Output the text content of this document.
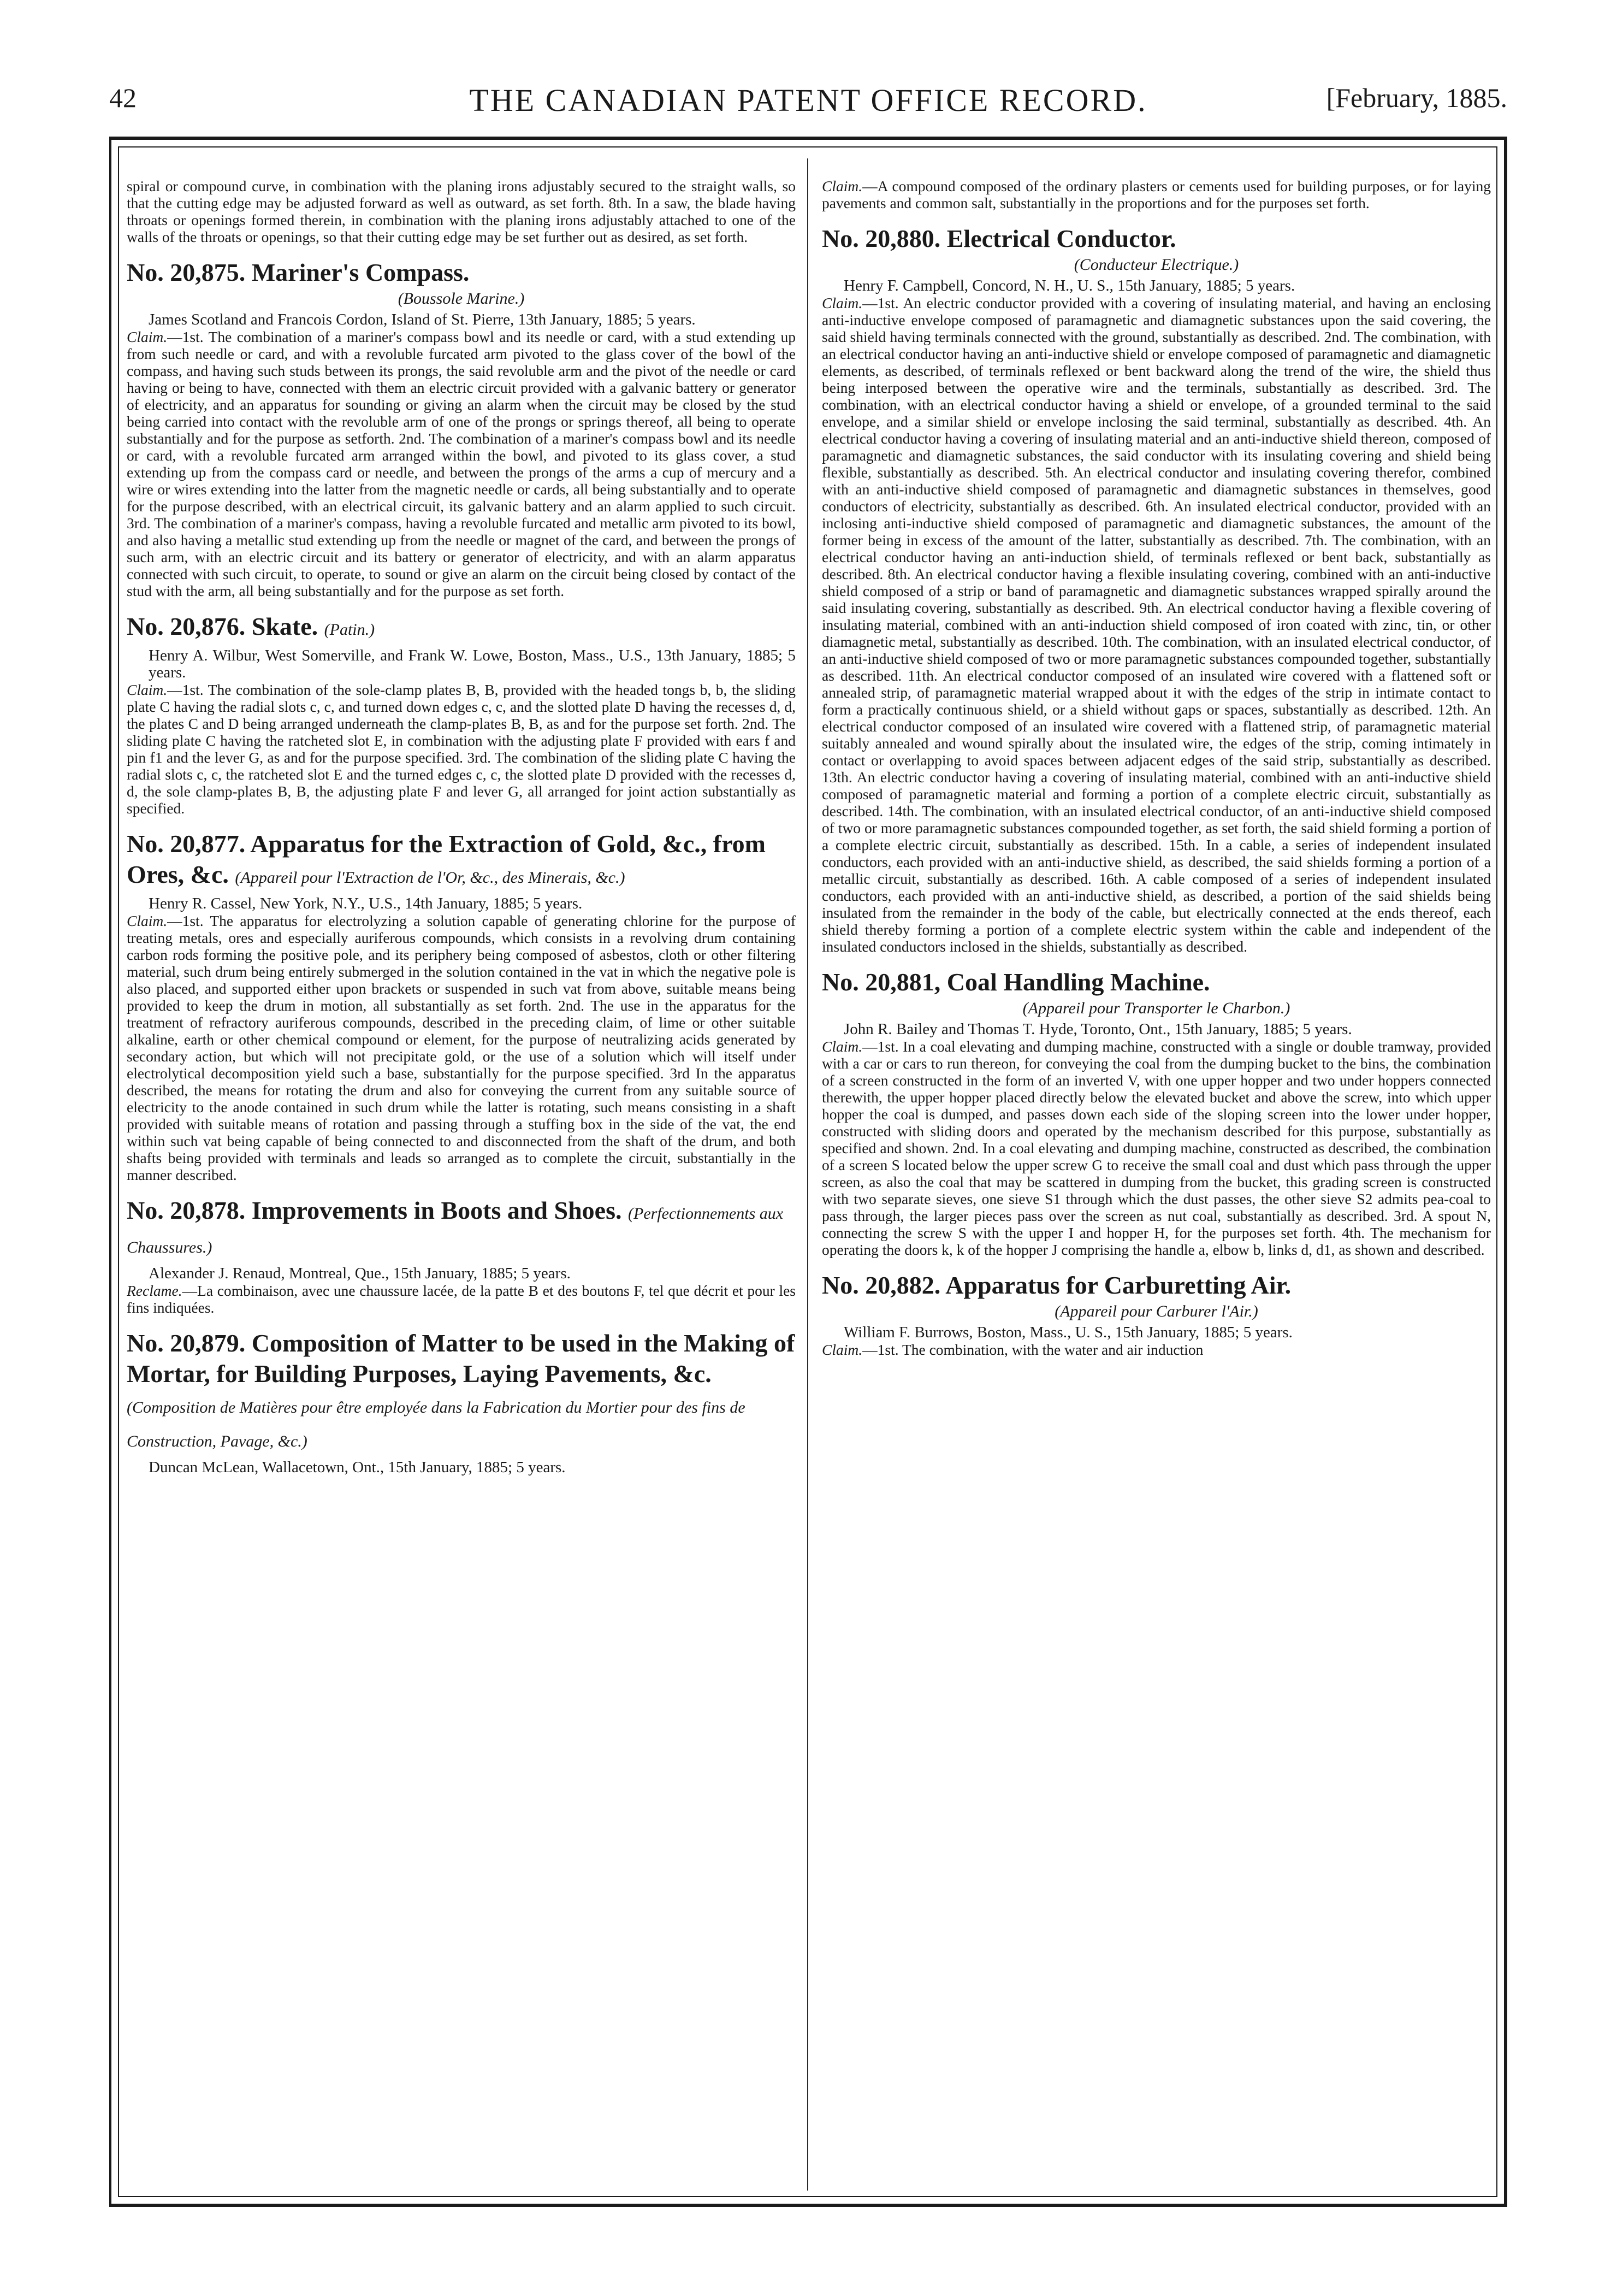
42	THE CANADIAN PATENT OFFICE RECORD.	[February, 1885.

spiral or compound curve, in combination with the planing irons adjustably secured to the straight walls, so that the cutting edge may be adjusted forward as well as outward, as set forth. 8th. In a saw, the blade having throats or openings formed therein, in combination with the planing irons adjustably attached to one of the walls of the throats or openings, so that their cutting edge may be set further out as desired, as set forth.

No. 20,875. Mariner's Compass.
(Boussole Marine.)

James Scotland and Francois Cordon, Island of St. Pierre, 13th January, 1885; 5 years.

Claim.—1st. The combination of a mariner's compass bowl and its needle or card, with a stud extending up from such needle or card, and with a revoluble furcated arm pivoted to the glass cover of the bowl of the compass, and having such studs between its prongs, the said revoluble arm and the pivot of the needle or card having or being to have, connected with them an electric circuit provided with a galvanic battery or generator of electricity, and an apparatus for sounding or giving an alarm when the circuit may be closed by the stud being carried into contact with the revoluble arm of one of the prongs or springs thereof, all being to operate substantially and for the purpose as setforth. 2nd. The combination of a mariner's compass bowl and its needle or card, with a revoluble furcated arm arranged within the bowl, and pivoted to its glass cover, a stud extending up from the compass card or needle, and between the prongs of the arms a cup of mercury and a wire or wires extending into the latter from the magnetic needle or cards, all being substantially and to operate for the purpose described, with an electrical circuit, its galvanic battery and an alarm applied to such circuit. 3rd. The combination of a mariner's compass, having a revoluble furcated and metallic arm pivoted to its bowl, and also having a metallic stud extending up from the needle or magnet of the card, and between the prongs of such arm, with an electric circuit and its battery or generator of electricity, and with an alarm apparatus connected with such circuit, to operate, to sound or give an alarm on the circuit being closed by contact of the stud with the arm, all being substantially and for the purpose as set forth.

No. 20,876. Skate. (Patin.)

Henry A. Wilbur, West Somerville, and Frank W. Lowe, Boston, Mass., U.S., 13th January, 1885; 5 years.

Claim.—1st. The combination of the sole-clamp plates B, B, provided with the headed tongs b, b, the sliding plate C having the radial slots c, c, and turned down edges c, c, and the slotted plate D having the recesses d, d, the plates C and D being arranged underneath the clamp-plates B, B, as and for the purpose set forth. 2nd. The sliding plate C having the ratcheted slot E, in combination with the adjusting plate F provided with ears f and pin f1 and the lever G, as and for the purpose specified. 3rd. The combination of the sliding plate C having the radial slots c, c, the ratcheted slot E and the turned edges c, c, the slotted plate D provided with the recesses d, d, the sole clamp-plates B, B, the adjusting plate F and lever G, all arranged for joint action substantially as specified.

No. 20,877. Apparatus for the Extraction of Gold, &c., from Ores, &c. (Appareil pour l'Extraction de l'Or, &c., des Minerais, &c.)

Henry R. Cassel, New York, N.Y., U.S., 14th January, 1885; 5 years.

Claim.—1st. The apparatus for electrolyzing a solution capable of generating chlorine for the purpose of treating metals, ores and especially auriferous compounds, which consists in a revolving drum containing carbon rods forming the positive pole, and its periphery being composed of asbestos, cloth or other filtering material, such drum being entirely submerged in the solution contained in the vat in which the negative pole is also placed, and supported either upon brackets or suspended in such vat from above, suitable means being provided to keep the drum in motion, all substantially as set forth. 2nd. The use in the apparatus for the treatment of refractory auriferous compounds, described in the preceding claim, of lime or other suitable alkaline, earth or other chemical compound or element, for the purpose of neutralizing acids generated by secondary action, but which will not precipitate gold, or the use of a solution which will itself under electrolytical decomposition yield such a base, substantially for the purpose specified. 3rd In the apparatus described, the means for rotating the drum and also for conveying the current from any suitable source of electricity to the anode contained in such drum while the latter is rotating, such means consisting in a shaft provided with suitable means of rotation and passing through a stuffing box in the side of the vat, the end within such vat being capable of being connected to and disconnected from the shaft of the drum, and both shafts being provided with terminals and leads so arranged as to complete the circuit, substantially in the manner described.

No. 20,878. Improvements in Boots and Shoes. (Perfectionnements aux Chaussures.)

Alexander J. Renaud, Montreal, Que., 15th January, 1885; 5 years.

Reclame.—La combinaison, avec une chaussure lacée, de la patte B et des boutons F, tel que décrit et pour les fins indiquées.

No. 20,879. Composition of Matter to be used in the Making of Mortar, for Building Purposes, Laying Pavements, &c. (Composition de Matières pour être employée dans la Fabrication du Mortier pour des fins de Construction, Pavage, &c.)

Duncan McLean, Wallacetown, Ont., 15th January, 1885; 5 years.

Claim.—A compound composed of the ordinary plasters or cements used for building purposes, or for laying pavements and common salt, substantially in the proportions and for the purposes set forth.

No. 20,880. Electrical Conductor.
(Conducteur Electrique.)

Henry F. Campbell, Concord, N. H., U. S., 15th January, 1885; 5 years.

Claim.—1st. An electric conductor provided with a covering of insulating material, and having an enclosing anti-inductive envelope composed of paramagnetic and diamagnetic substances upon the said covering, the said shield having terminals connected with the ground, substantially as described. 2nd. The combination, with an electrical conductor having an anti-inductive shield or envelope composed of paramagnetic and diamagnetic elements, as described, of terminals reflexed or bent backward along the trend of the wire, the shield thus being interposed between the operative wire and the terminals, substantially as described. 3rd. The combination, with an electrical conductor having a shield or envelope, of a grounded terminal to the said envelope, and a similar shield or envelope inclosing the said terminal, substantially as described. 4th. An electrical conductor having a covering of insulating material and an anti-inductive shield thereon, composed of paramagnetic and diamagnetic substances, the said conductor with its insulating covering and shield being flexible, substantially as described. 5th. An electrical conductor and insulating covering therefor, combined with an anti-inductive shield composed of paramagnetic and diamagnetic substances in themselves, good conductors of electricity, substantially as described. 6th. An insulated electrical conductor, provided with an inclosing anti-inductive shield composed of paramagnetic and diamagnetic substances, the amount of the former being in excess of the amount of the latter, substantially as described. 7th. The combination, with an electrical conductor having an anti-induction shield, of terminals reflexed or bent back, substantially as described. 8th. An electrical conductor having a flexible insulating covering, combined with an anti-inductive shield composed of a strip or band of paramagnetic and diamagnetic substances wrapped spirally around the said insulating covering, substantially as described. 9th. An electrical conductor having a flexible covering of insulating material, combined with an anti-induction shield composed of iron coated with zinc, tin, or other diamagnetic metal, substantially as described. 10th. The combination, with an insulated electrical conductor, of an anti-inductive shield composed of two or more paramagnetic substances compounded together, substantially as described. 11th. An electrical conductor composed of an insulated wire covered with a flattened soft or annealed strip, of paramagnetic material wrapped about it with the edges of the strip in intimate contact to form a practically continuous shield, or a shield without gaps or spaces, substantially as described. 12th. An electrical conductor composed of an insulated wire covered with a flattened strip, of paramagnetic material suitably annealed and wound spirally about the insulated wire, the edges of the strip, coming intimately in contact or overlapping to avoid spaces between adjacent edges of the said strip, substantially as described. 13th. An electric conductor having a covering of insulating material, combined with an anti-inductive shield composed of paramagnetic material and forming a portion of a complete electric circuit, substantially as described. 14th. The combination, with an insulated electrical conductor, of an anti-inductive shield composed of two or more paramagnetic substances compounded together, as set forth, the said shield forming a portion of a complete electric circuit, substantially as described. 15th. In a cable, a series of independent insulated conductors, each provided with an anti-inductive shield, as described, the said shields forming a portion of a metallic circuit, substantially as described. 16th. A cable composed of a series of independent insulated conductors, each provided with an anti-inductive shield, as described, a portion of the said shields being insulated from the remainder in the body of the cable, but electrically connected at the ends thereof, each shield thereby forming a portion of a complete electric system within the cable and independent of the insulated conductors inclosed in the shields, substantially as described.

No. 20,881, Coal Handling Machine.
(Appareil pour Transporter le Charbon.)

John R. Bailey and Thomas T. Hyde, Toronto, Ont., 15th January, 1885; 5 years.

Claim.—1st. In a coal elevating and dumping machine, constructed with a single or double tramway, provided with a car or cars to run thereon, for conveying the coal from the dumping bucket to the bins, the combination of a screen constructed in the form of an inverted V, with one upper hopper and two under hoppers connected therewith, the upper hopper placed directly below the elevated bucket and above the screw, into which upper hopper the coal is dumped, and passes down each side of the sloping screen into the lower under hopper, constructed with sliding doors and operated by the mechanism described for this purpose, substantially as specified and shown. 2nd. In a coal elevating and dumping machine, constructed as described, the combination of a screen S located below the upper screw G to receive the small coal and dust which pass through the upper screen, as also the coal that may be scattered in dumping from the bucket, this grading screen is constructed with two separate sieves, one sieve S1 through which the dust passes, the other sieve S2 admits pea-coal to pass through, the larger pieces pass over the screen as nut coal, substantially as described. 3rd. A spout N, connecting the screw S with the upper I and hopper H, for the purposes set forth. 4th. The mechanism for operating the doors k, k of the hopper J comprising the handle a, elbow b, links d, d1, as shown and described.

No. 20,882. Apparatus for Carburetting Air.
(Appareil pour Carburer l'Air.)

William F. Burrows, Boston, Mass., U. S., 15th January, 1885; 5 years.

Claim.—1st. The combination, with the water and air induction
